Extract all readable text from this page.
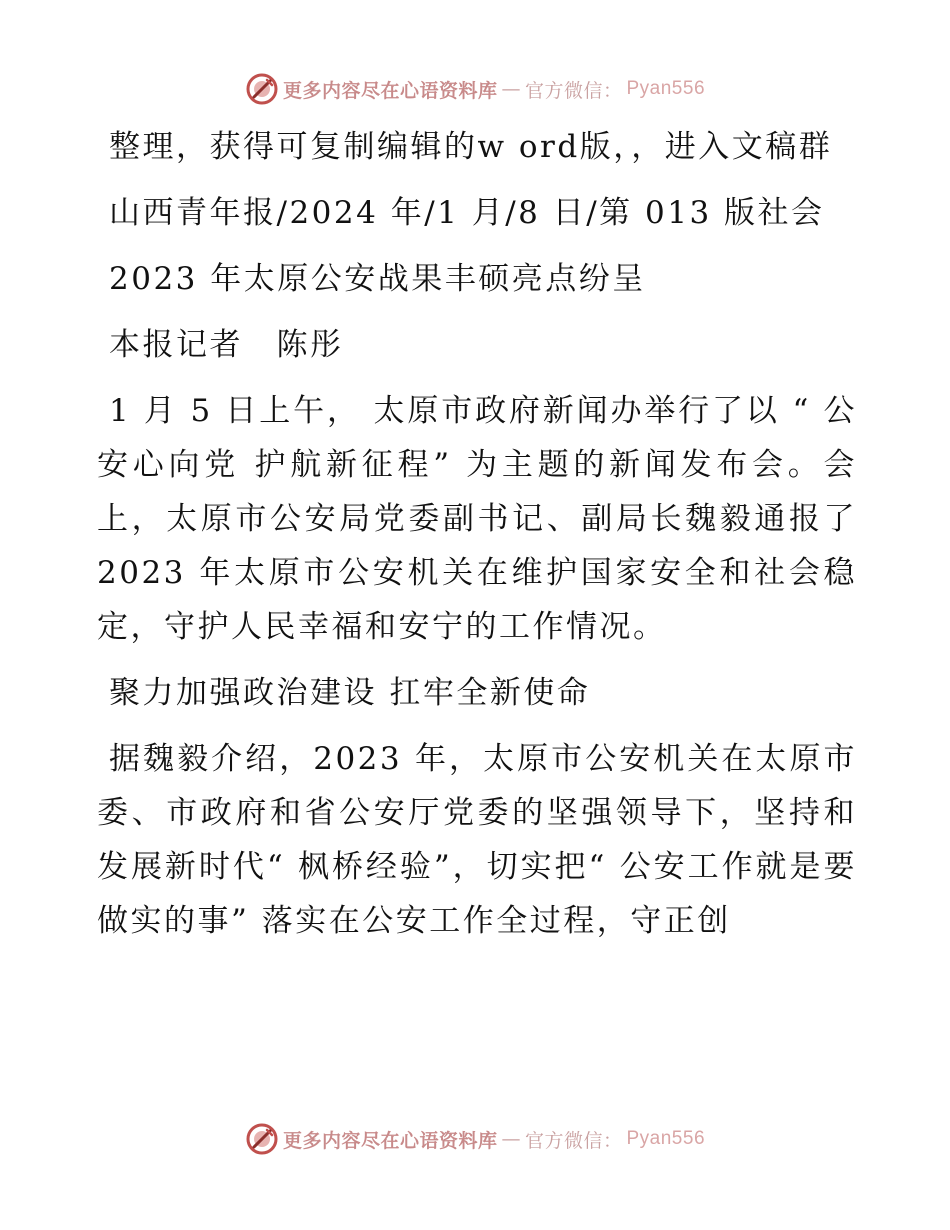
更多内容尽在心语资料库 — 官方微信： Pyan556

整理，获得可复制编辑的w ord版，，进入文稿群

山西青年报/2024 年/1 月/8 日/第 013 版社会

2023 年太原公安战果丰硕亮点纷呈

本报记者　陈彤

1 月 5 日上午， 太原市政府新闻办举行了以 “ 公安心向党 护航新征程” 为主题的新闻发布会。会上，太原市公安局党委副书记、副局长魏毅通报了 2023 年太原市公安机关在维护国家安全和社会稳定，守护人民幸福和安宁的工作情况。

聚力加强政治建设 扛牢全新使命

据魏毅介绍，2023 年，太原市公安机关在太原市委、市政府和省公安厅党委的坚强领导下，坚持和发展新时代“ 枫桥经验”，切实把“ 公安工作就是要做实的事” 落实在公安工作全过程，守正创

更多内容尽在心语资料库 — 官方微信： Pyan556
